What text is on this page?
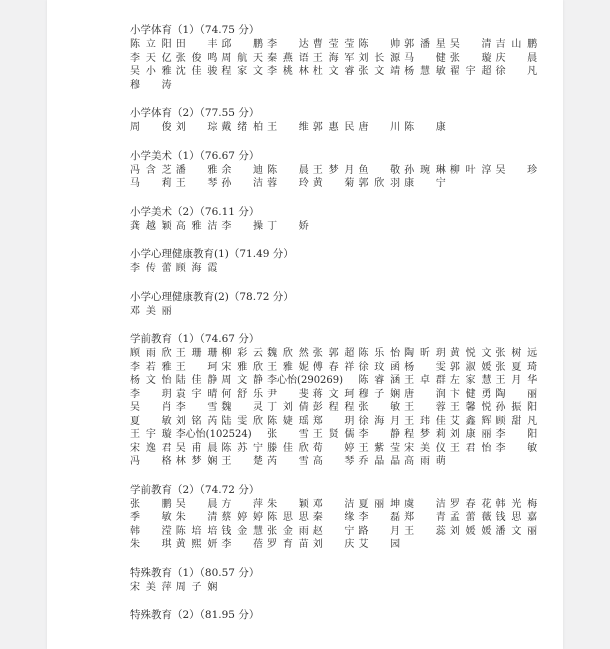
小学体育（1）（74.75 分）
陈立阳 田 丰 邱 鹏 李 达 曹莹莹 陈 帅 郭潘星 吴 清 吉山鹏
李天亿 张俊鸣 周航天 秦燕语 王海军 刘长源 马 健 张 璇 庆 晨
吴小雅 沈佳骏 程家文 李桃林 杜文睿 张文靖 杨慧敏 翟宇超 徐 凡
穆 涛
小学体育（2）（77.55 分）
周 俊 刘 琮 戴绪柏 王 维 郭惠民 唐 川 陈 康
小学美术（1）（76.67 分）
冯含芝 潘 雅 余 迪 陈 晨 王梦月 鱼 敬 孙琬琳 柳叶淳 吴 珍
马 莉 王 琴 孙 洁 蓉 玲 黄 菊 郭欣羽 康 宁
小学美术（2）（76.11 分）
龚越颖 高雅洁 李 操 丁 娇
小学心理健康教育(1)（71.49 分）
李传蕾 顾海霞
小学心理健康教育(2)（78.72 分）
邓美丽
学前教育（1）（74.67 分）
顾雨欣 王珊珊 柳彩云 魏欣然 张郭超 陈乐怡 陶昕玥 黄悦文 张树远
李若雅 王 珂 宋雅欣 王雅妮 傅春祥 徐玟函 杨 雯 郭淑媛 张夏琦
杨文怡 陆佳静 周文静 李心怡(290269)	陈睿涵 王卓群 左家慧 王月华
李 玥 袁宇晴 何舒乐 尹 斐 蒋文珂 穆子娴 唐 润 卞健勇 陶 丽
吴 肖 李 雪 魏 灵 丁刘倩 彭程程 张 敏 王 蓉 王馨悦 孙振阳
夏 敏 刘铭芮 陆雯欣 陈婕瑶 郑 玥 徐海月 王玮佳 艾鑫辉 顾甜凡
王宇璇 李心怡(102524)	张 雪 王贤儒 李 静 程梦莉 刘康丽 李 阳
宋逸君 吴甫晨 陈苏宁 滕佳欣 荀 婷 王紫莹 宋美仪 王君怡 李 敏
冯 格 林梦娴 王 楚 芮 雪 高 琴 乔晶晶 高雨萌
学前教育（2）（74.72 分）
张 鹏 吴 晨 方 萍 朱 颖 邓 洁 夏丽坤 虞 洁 罗春花 韩光梅
季 敏 朱 清 蔡婷婷 陈思思 秦 缘 李 磊 郑 青 孟蕾薇 钱思嘉
韩 滢 陈培培 钱金慧 张金雨 赵 宁 路 月 王 蕊 刘媛媛 潘文丽
朱 琪 黄熙妍 李 蓓 罗育苗 刘 庆 艾 园
特殊教育（1）（80.57 分）
宋美萍 周子娴
特殊教育（2）（81.95 分）
